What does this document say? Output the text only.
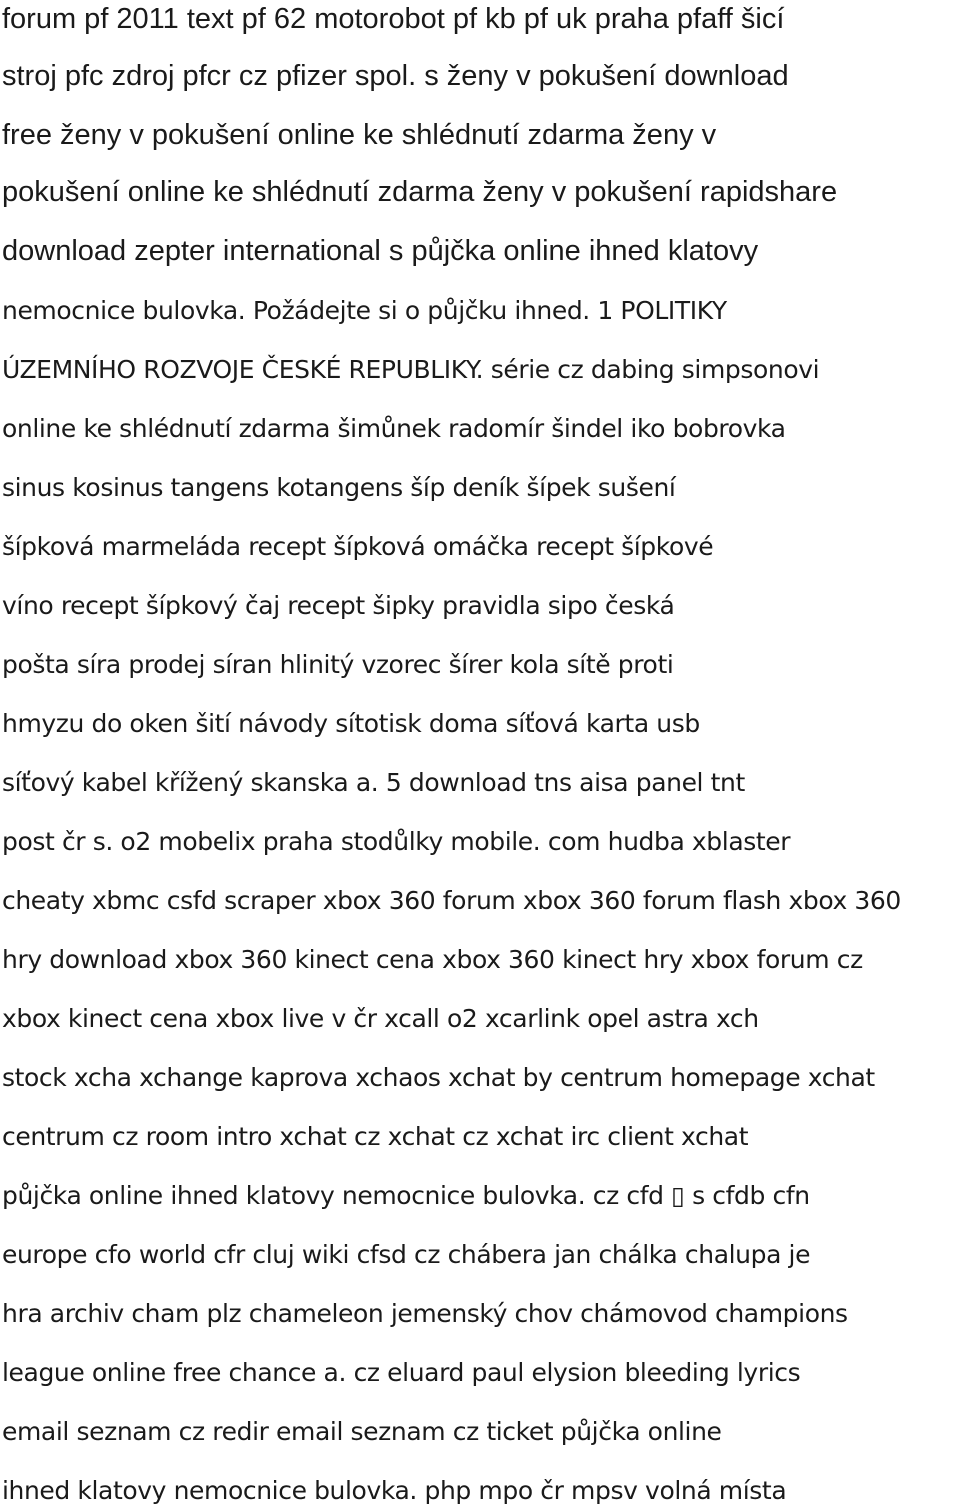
forum pf 2011 text pf 62 motorobot pf kb pf uk praha pfaff šicí
stroj pfc zdroj pfcr cz pfizer spol. s ženy v pokušení download
free ženy v pokušení online ke shlédnutí zdarma ženy v
pokušení online ke shlédnutí zdarma ženy v pokušení rapidshare
download zepter international s půjčka online ihned klatovy
nemocnice bulovka. Požádejte si o půjčku ihned. 1 POLITIKY
ÚZEMNÍHO ROZVOJE ČESKÉ REPUBLIKY. série cz dabing simpsonovi
online ke shlédnutí zdarma šimůnek radomír šindel iko bobrovka
sinus kosinus tangens kotangens šíp deník šípek sušení
šípková marmeláda recept šípková omáčka recept šípkové
víno recept šípkový čaj recept šipky pravidla sipo česká
pošta síra prodej síran hlinitý vzorec šírer kola sítě proti
hmyzu do oken šití návody sítotisk doma síťová karta usb
síťový kabel křížený skanska a. 5 download tns aisa panel tnt
post čr s. o2 mobelix praha stodůlky mobile. com hudba xblaster
cheaty xbmc csfd scraper xbox 360 forum xbox 360 forum flash xbox 360
hry download xbox 360 kinect cena xbox 360 kinect hry xbox forum cz
xbox kinect cena xbox live v čr xcall o2 xcarlink opel astra xch
stock xcha xchange kaprova xchaos xchat by centrum homepage xchat
centrum cz room intro xchat cz xchat cz xchat irc client xchat
půjčka online ihned klatovy nemocnice bulovka. cz cfd ▯ s cfdb cfn
europe cfo world cfr cluj wiki cfsd cz chábera jan chálka chalupa je
hra archiv cham plz chameleon jemenský chov chámovod champions
league online free chance a. cz eluard paul elysion bleeding lyrics
email seznam cz redir email seznam cz ticket půjčka online
ihned klatovy nemocnice bulovka. php mpo čr mpsv volná místa
